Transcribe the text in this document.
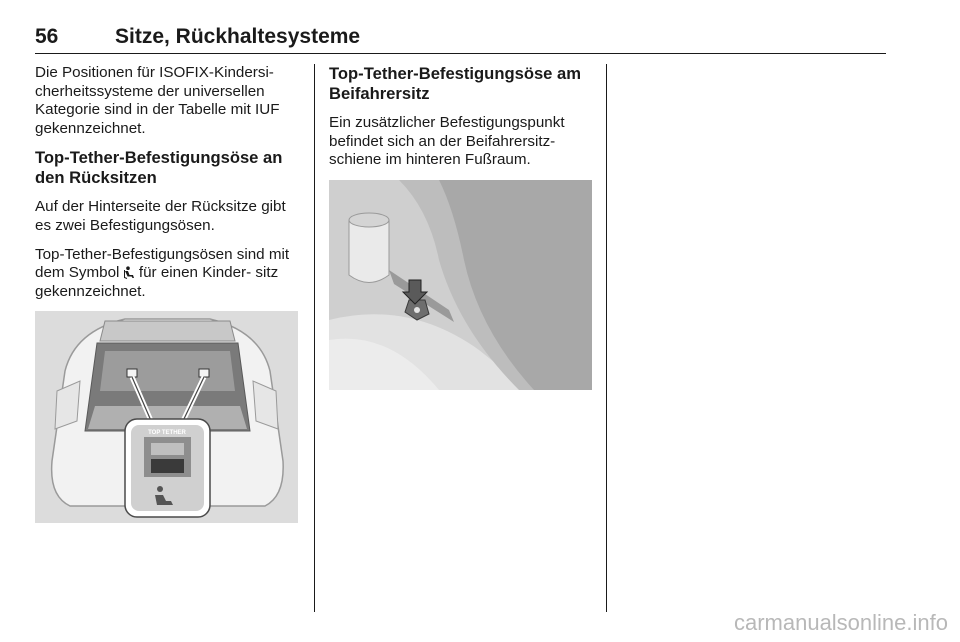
56	Sitze, Rückhaltesysteme

Die Positionen für ISOFIX-Kindersi- cherheitssysteme der universellen Kategorie sind in der Tabelle mit IUF gekennzeichnet.

Top-Tether-Befestigungsöse an den Rücksitzen

Auf der Hinterseite der Rücksitze gibt es zwei Befestigungsösen.

Top-Tether-Befestigungsösen sind mit dem Symbol für einen Kinder- sitz gekennzeichnet.

TOP TETHER
Top-Tether-Befestigungsöse am Beifahrersitz

Ein zusätzlicher Befestigungspunkt befindet sich an der Beifahrersitz- schiene im hinteren Fußraum.

carmanualsonline.info
